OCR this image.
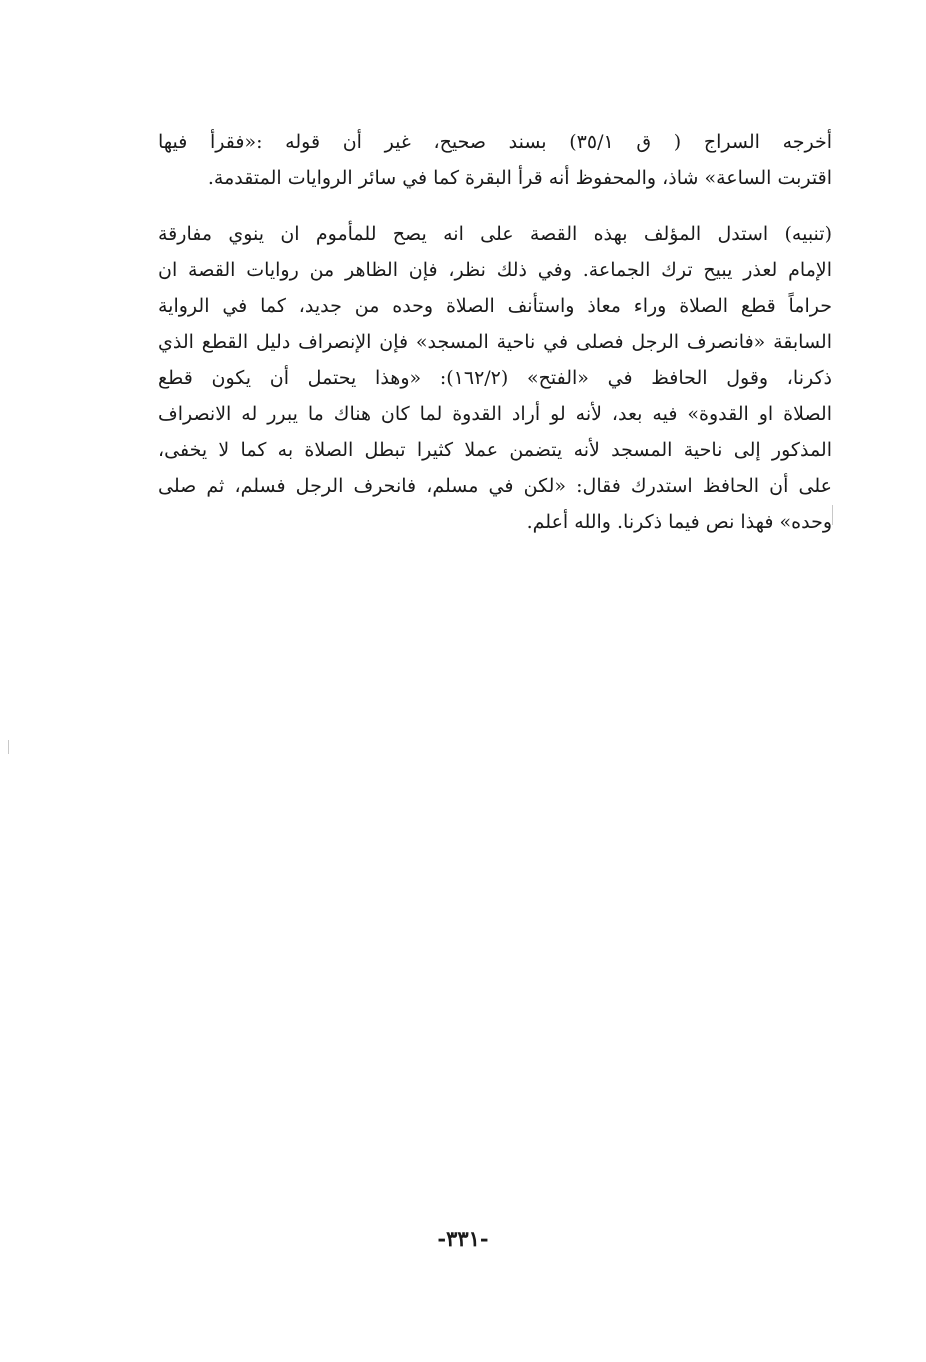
أخرجه السراج ( ق ٣٥/١) بسند صحيح، غير أن قوله :«فقرأ فيها
اقتربت الساعة» شاذ، والمحفوظ أنه قرأ البقرة كما في سائر الروايات المتقدمة.
(تنبيه) استدل المؤلف بهذه القصة على انه يصح للمأموم ان ينوي مفارقة
الإمام لعذر يبيح ترك الجماعة. وفي ذلك نظر، فإن الظاهر من روايات القصة ان
حراماً قطع الصلاة وراء معاذ واستأنف الصلاة وحده من جديد، كما في الرواية
السابقة «فانصرف الرجل فصلى في ناحية المسجد» فإن الإنصراف دليل القطع الذي
ذكرنا، وقول الحافظ في «الفتح» (١٦٢/٢): «وهذا يحتمل أن يكون قطع
الصلاة او القدوة» فيه بعد، لأنه لو أراد القدوة لما كان هناك ما يبرر له الانصراف
المذكور إلى ناحية المسجد لأنه يتضمن عملا كثيرا تبطل الصلاة به كما لا يخفى،
على أن الحافظ استدرك فقال: «لكن في مسلم، فانحرف الرجل فسلم، ثم صلى
وحده» فهذا نص فيما ذكرنا. والله أعلم.
-٣٣١-
